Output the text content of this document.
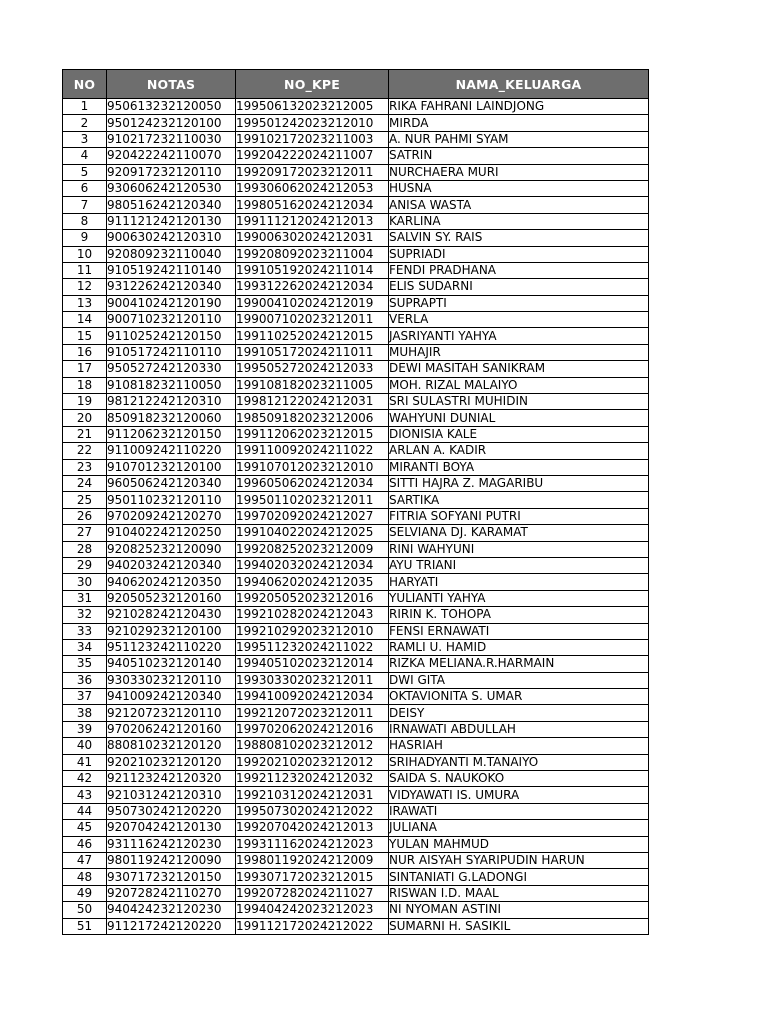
NO	NOTAS	NO_KPE	NAMA_KELUARGA
1	950613232120050	199506132023212005	RIKA FAHRANI LAINDJONG
2	950124232120100	199501242023212010	MIRDA
3	910217232110030	199102172023211003	A. NUR PAHMI SYAM
4	920422242110070	199204222024211007	SATRIN
5	920917232120110	199209172023212011	NURCHAERA MURI
6	930606242120530	199306062024212053	HUSNA
7	980516242120340	199805162024212034	ANISA WASTA
8	911121242120130	199111212024212013	KARLINA
9	900630242120310	199006302024212031	SALVIN SY. RAIS
10	920809232110040	199208092023211004	SUPRIADI
11	910519242110140	199105192024211014	FENDI PRADHANA
12	931226242120340	199312262024212034	ELIS SUDARNI
13	900410242120190	199004102024212019	SUPRAPTI
14	900710232120110	199007102023212011	VERLA
15	911025242120150	199110252024212015	JASRIYANTI YAHYA
16	910517242110110	199105172024211011	MUHAJIR
17	950527242120330	199505272024212033	DEWI MASITAH SANIKRAM
18	910818232110050	199108182023211005	MOH. RIZAL MALAIYO
19	981212242120310	199812122024212031	SRI SULASTRI MUHIDIN
20	850918232120060	198509182023212006	WAHYUNI DUNIAL
21	911206232120150	199112062023212015	DIONISIA KALE
22	911009242110220	199110092024211022	ARLAN A. KADIR
23	910701232120100	199107012023212010	MIRANTI BOYA
24	960506242120340	199605062024212034	SITTI HAJRA Z. MAGARIBU
25	950110232120110	199501102023212011	SARTIKA
26	970209242120270	199702092024212027	FITRIA SOFYANI PUTRI
27	910402242120250	199104022024212025	SELVIANA DJ. KARAMAT
28	920825232120090	199208252023212009	RINI WAHYUNI
29	940203242120340	199402032024212034	AYU TRIANI
30	940620242120350	199406202024212035	HARYATI
31	920505232120160	199205052023212016	YULIANTI YAHYA
32	921028242120430	199210282024212043	RIRIN K. TOHOPA
33	921029232120100	199210292023212010	FENSI ERNAWATI
34	951123242110220	199511232024211022	RAMLI U. HAMID
35	940510232120140	199405102023212014	RIZKA MELIANA.R.HARMAIN
36	930330232120110	199303302023212011	DWI GITA
37	941009242120340	199410092024212034	OKTAVIONITA S. UMAR
38	921207232120110	199212072023212011	DEISY
39	970206242120160	199702062024212016	IRNAWATI ABDULLAH
40	880810232120120	198808102023212012	HASRIAH
41	920210232120120	199202102023212012	SRIHADYANTI M.TANAIYO
42	921123242120320	199211232024212032	SAIDA S. NAUKOKO
43	921031242120310	199210312024212031	VIDYAWATI IS. UMURA
44	950730242120220	199507302024212022	IRAWATI
45	920704242120130	199207042024212013	JULIANA
46	931116242120230	199311162024212023	YULAN MAHMUD
47	980119242120090	199801192024212009	NUR AISYAH SYARIPUDIN HARUN
48	930717232120150	199307172023212015	SINTANIATI G.LADONGI
49	920728242110270	199207282024211027	RISWAN I.D. MAAL
50	940424232120230	199404242023212023	NI NYOMAN ASTINI
51	911217242120220	199112172024212022	SUMARNI H. SASIKIL
